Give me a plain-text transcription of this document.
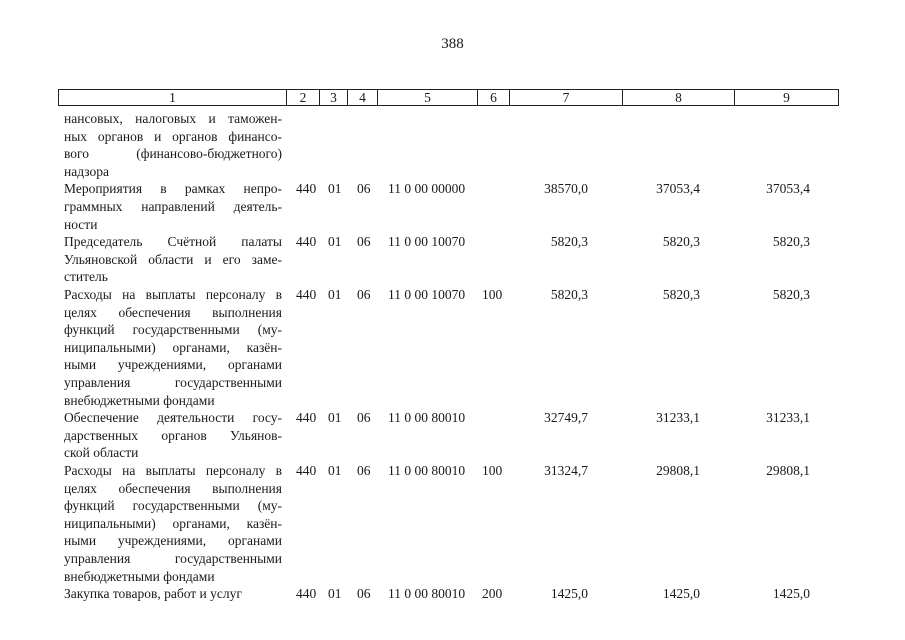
388
1	2	3	4	5	6	7	8	9
нансовых, налоговых и таможен-
ных органов и органов финансо-
вого (финансово-бюджетного)
надзора
Мероприятия в рамках непро-
граммных направлений деятель-
ности
440 01 06 11 0 00 00000	38570,0	37053,4	37053,4
Председатель Счётной палаты
Ульяновской области и его заме-
ститель
440 01 06 11 0 00 10070	5820,3	5820,3	5820,3
Расходы на выплаты персоналу в
целях обеспечения выполнения
функций государственными (му-
ниципальными) органами, казён-
ными учреждениями, органами
управления государственными
внебюджетными фондами
440 01 06 11 0 00 10070 100	5820,3	5820,3	5820,3
Обеспечение деятельности госу-
дарственных органов Ульянов-
ской области
440 01 06 11 0 00 80010	32749,7	31233,1	31233,1
Расходы на выплаты персоналу в
целях обеспечения выполнения
функций государственными (му-
ниципальными) органами, казён-
ными учреждениями, органами
управления государственными
внебюджетными фондами
440 01 06 11 0 00 80010 100	31324,7	29808,1	29808,1
Закупка товаров, работ и услуг	440 01 06 11 0 00 80010 200	1425,0	1425,0	1425,0
